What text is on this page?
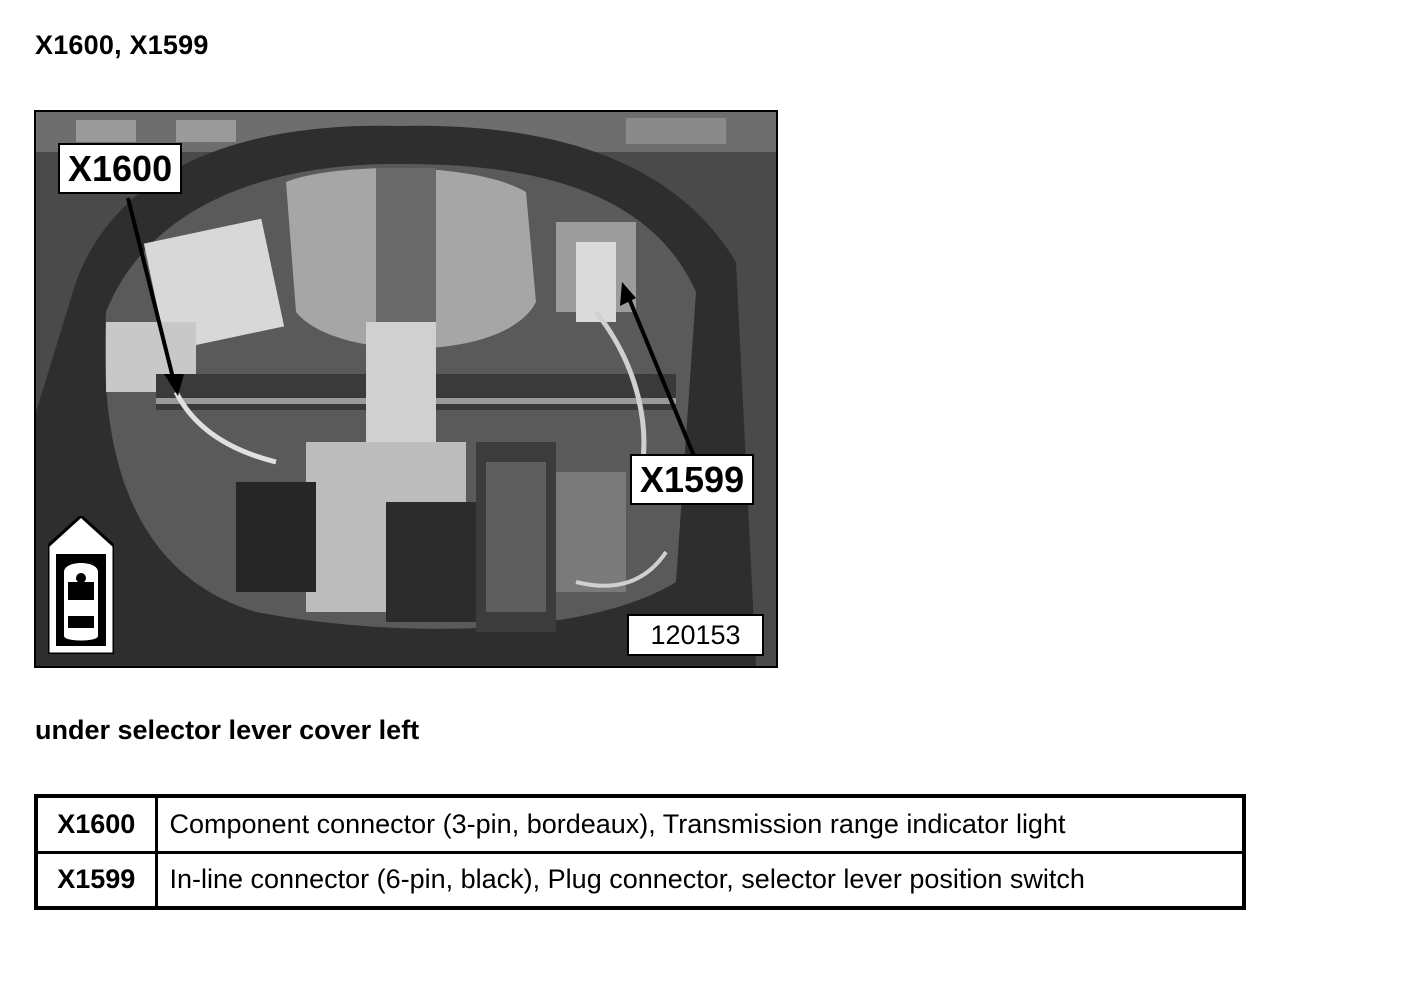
X1600, X1599
X1600
X1599
120153
under selector lever cover left
X1600	Component connector (3-pin, bordeaux), Transmission range indicator light
X1599	In-line connector (6-pin, black), Plug connector, selector lever position switch
